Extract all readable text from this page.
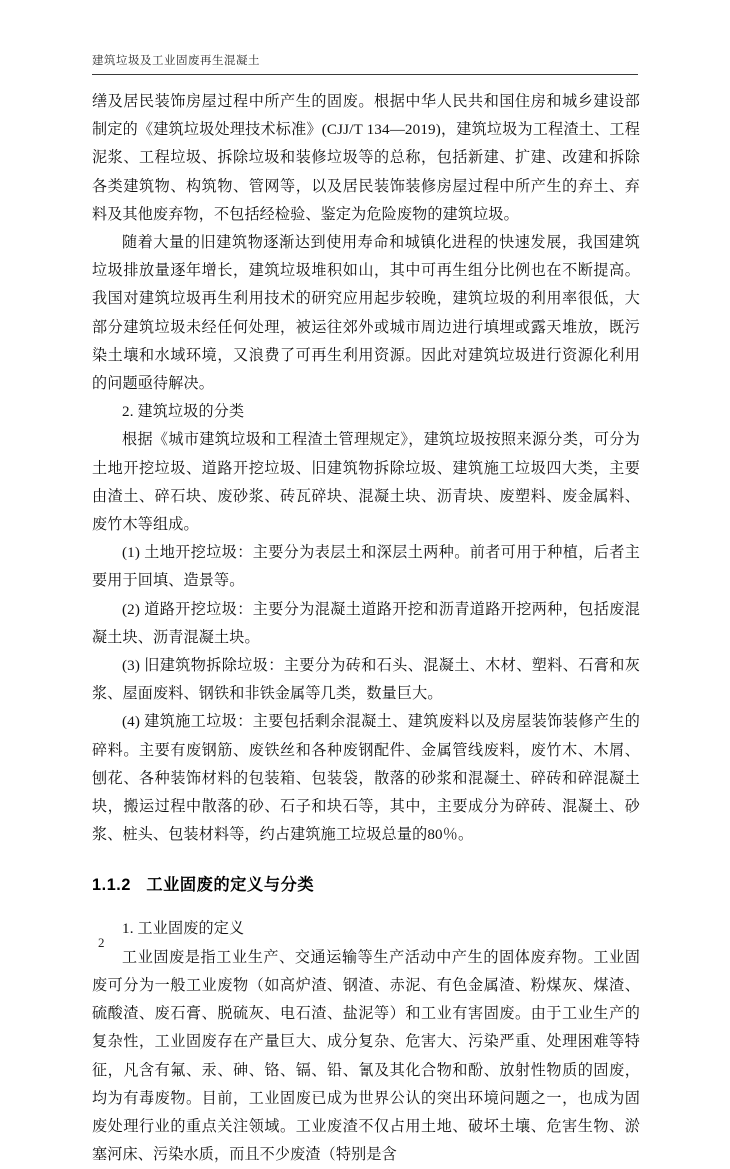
建筑垃圾及工业固废再生混凝土

缮及居民装饰房屋过程中所产生的固废。根据中华人民共和国住房和城乡建设部制定的《建筑垃圾处理技术标准》(CJJ/T 134—2019)，建筑垃圾为工程渣土、工程泥浆、工程垃圾、拆除垃圾和装修垃圾等的总称，包括新建、扩建、改建和拆除各类建筑物、构筑物、管网等，以及居民装饰装修房屋过程中所产生的弃土、弃料及其他废弃物，不包括经检验、鉴定为危险废物的建筑垃圾。

随着大量的旧建筑物逐渐达到使用寿命和城镇化进程的快速发展，我国建筑垃圾排放量逐年增长，建筑垃圾堆积如山，其中可再生组分比例也在不断提高。我国对建筑垃圾再生利用技术的研究应用起步较晚，建筑垃圾的利用率很低，大部分建筑垃圾未经任何处理，被运往郊外或城市周边进行填埋或露天堆放，既污染土壤和水域环境，又浪费了可再生利用资源。因此对建筑垃圾进行资源化利用的问题亟待解决。

2. 建筑垃圾的分类

根据《城市建筑垃圾和工程渣土管理规定》，建筑垃圾按照来源分类，可分为土地开挖垃圾、道路开挖垃圾、旧建筑物拆除垃圾、建筑施工垃圾四大类，主要由渣土、碎石块、废砂浆、砖瓦碎块、混凝土块、沥青块、废塑料、废金属料、废竹木等组成。

(1) 土地开挖垃圾：主要分为表层土和深层土两种。前者可用于种植，后者主要用于回填、造景等。

(2) 道路开挖垃圾：主要分为混凝土道路开挖和沥青道路开挖两种，包括废混凝土块、沥青混凝土块。

(3) 旧建筑物拆除垃圾：主要分为砖和石头、混凝土、木材、塑料、石膏和灰浆、屋面废料、钢铁和非铁金属等几类，数量巨大。

(4) 建筑施工垃圾：主要包括剩余混凝土、建筑废料以及房屋装饰装修产生的碎料。主要有废钢筋、废铁丝和各种废钢配件、金属管线废料，废竹木、木屑、刨花、各种装饰材料的包装箱、包装袋，散落的砂浆和混凝土、碎砖和碎混凝土块，搬运过程中散落的砂、石子和块石等，其中，主要成分为碎砖、混凝土、砂浆、桩头、包装材料等，约占建筑施工垃圾总量的80％。

1.1.2 工业固废的定义与分类

1. 工业固废的定义

工业固废是指工业生产、交通运输等生产活动中产生的固体废弃物。工业固废可分为一般工业废物（如高炉渣、钢渣、赤泥、有色金属渣、粉煤灰、煤渣、硫酸渣、废石膏、脱硫灰、电石渣、盐泥等）和工业有害固废。由于工业生产的复杂性，工业固废存在产量巨大、成分复杂、危害大、污染严重、处理困难等特征，凡含有氟、汞、砷、铬、镉、铅、氰及其化合物和酚、放射性物质的固废，均为有毒废物。目前，工业固废已成为世界公认的突出环境问题之一，也成为固废处理行业的重点关注领域。工业废渣不仅占用土地、破坏土壤、危害生物、淤塞河床、污染水质，而且不少废渣（特别是含

2
